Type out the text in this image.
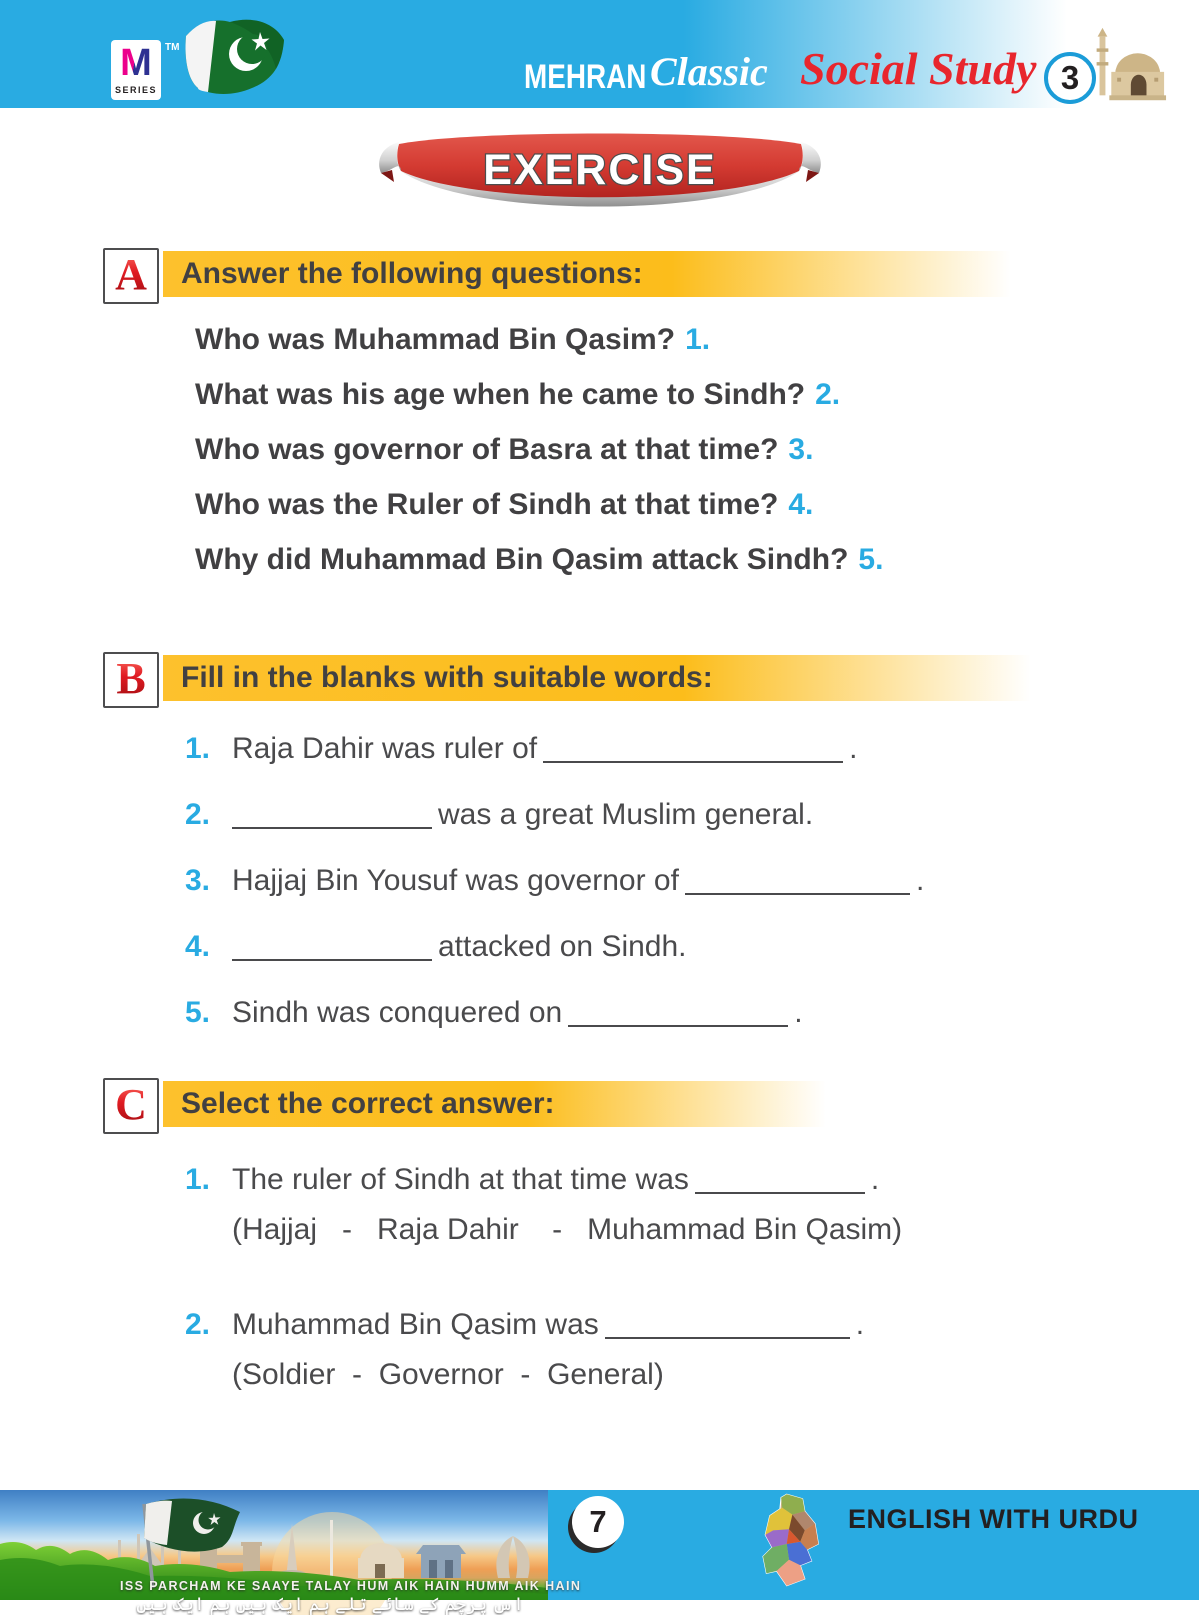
M
SERIES
TM
MEHRAN Classic Social Study 3
EXERCISE
A	Answer the following questions:
Who was Muhammad Bin Qasim? 1.
What was his age when he came to Sindh? 2.
Who was governor of Basra at that time? 3.
Who was the Ruler of Sindh at that time? 4.
Why did Muhammad Bin Qasim attack Sindh? 5.
B	Fill in the blanks with suitable words:
1. Raja Dahir was ruler of	.
2.	was a great Muslim general.
3. Hajjaj Bin Yousuf was governor of	.
4.	attacked on Sindh.
5. Sindh was conquered on	.
C	Select the correct answer:
1. The ruler of Sindh at that time was	.
(Hajjaj   -   Raja Dahir    -   Muhammad Bin Qasim)
2. Muhammad Bin Qasim was	.
(Soldier  -  Governor  -  General)
ISS PARCHAM KE SAAYE TALAY HUM AIK HAIN HUMM AIK HAIN
اس پرچم کے سائے تلے ہم ایک ہیں ہم ایک ہیں
7	ENGLISH WITH URDU
